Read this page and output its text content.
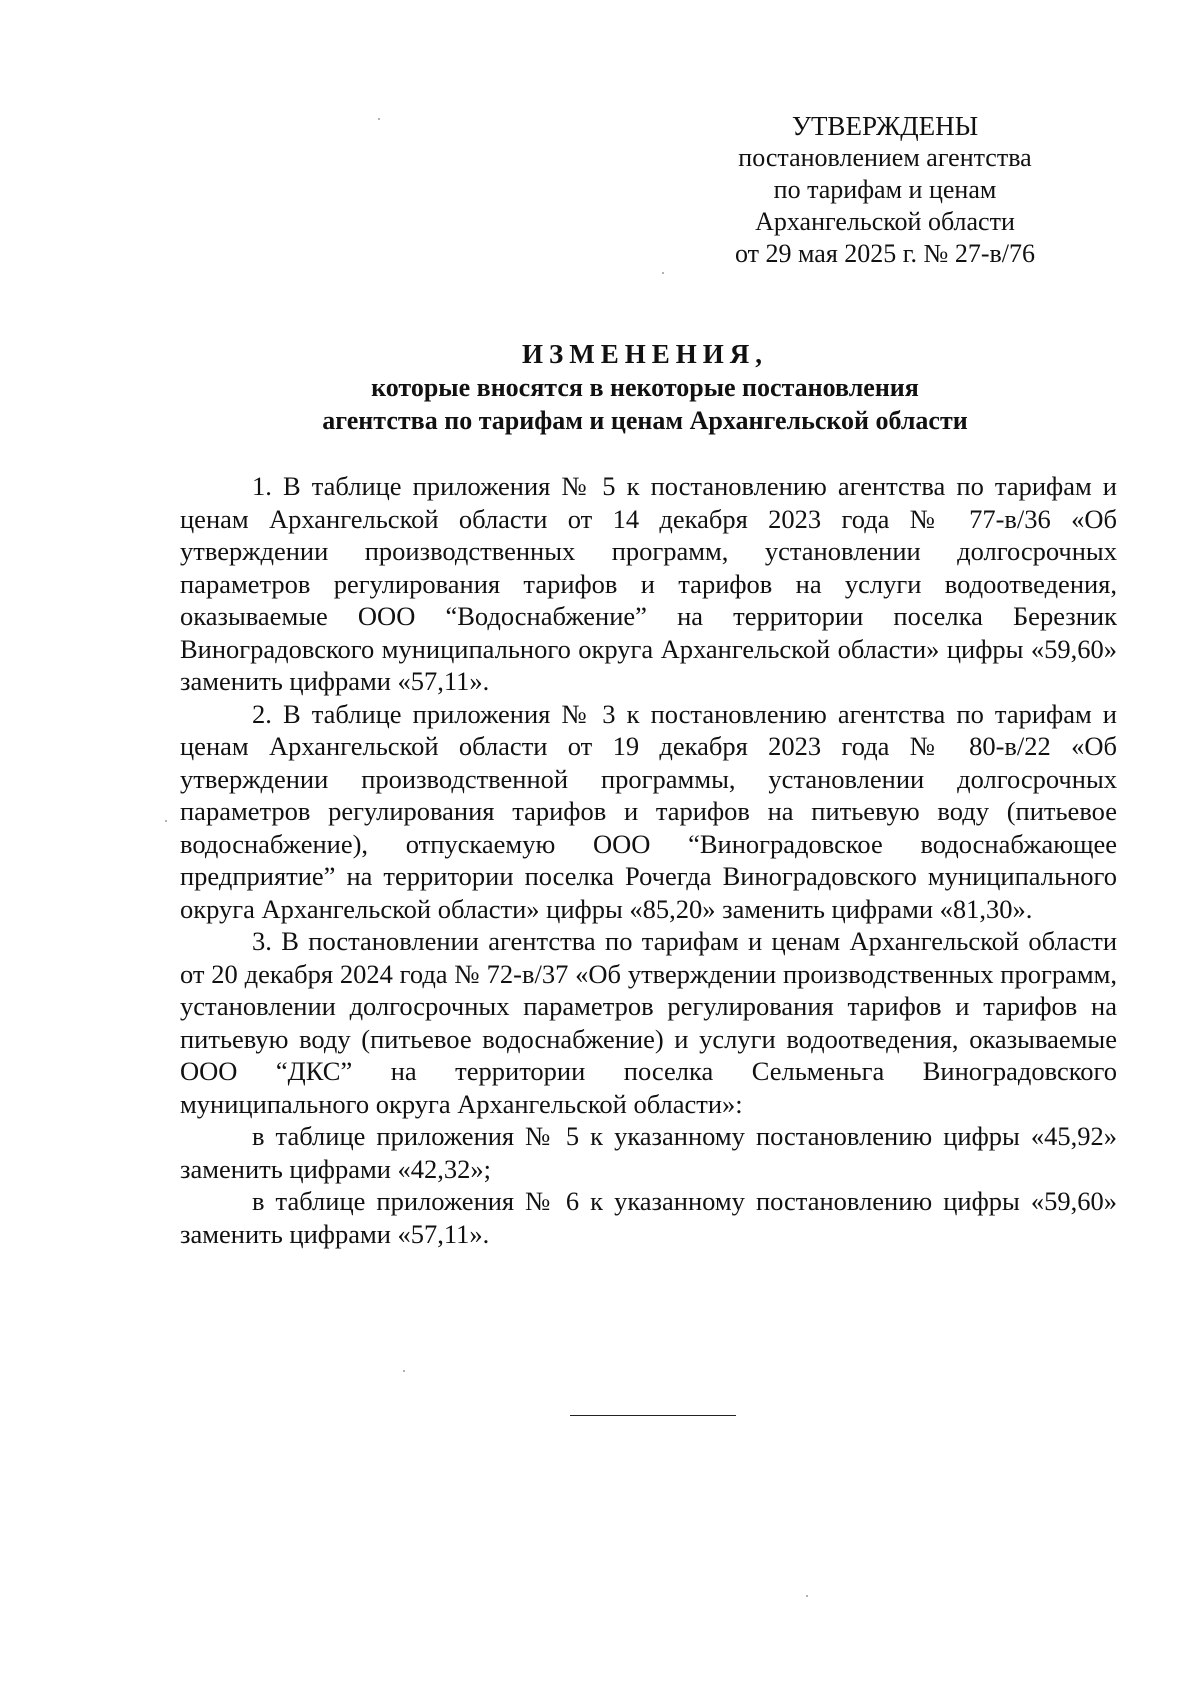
УТВЕРЖДЕНЫ
постановлением агентства
по тарифам и ценам
Архангельской области
от 29 мая 2025 г. № 27-в/76
ИЗМЕНЕНИЯ,
которые вносятся в некоторые постановления
агентства по тарифам и ценам Архангельской области

1. В таблице приложения № 5 к постановлению агентства по тарифам и ценам Архангельской области от 14 декабря 2023 года № 77-в/36 «Об утверждении производственных программ, установлении долгосрочных параметров регулирования тарифов и тарифов на услуги водоотведения, оказываемые ООО “Водоснабжение” на территории поселка Березник Виноградовского муниципального округа Архангельской области» цифры «59,60» заменить цифрами «57,11».

2. В таблице приложения № 3 к постановлению агентства по тарифам и ценам Архангельской области от 19 декабря 2023 года № 80-в/22 «Об утверждении производственной программы, установлении долгосрочных параметров регулирования тарифов и тарифов на питьевую воду (питьевое водоснабжение), отпускаемую ООО “Виноградовское водоснабжающее предприятие” на территории поселка Рочегда Виноградовского муниципального округа Архангельской области» цифры «85,20» заменить цифрами «81,30».

3. В постановлении агентства по тарифам и ценам Архангельской области от 20 декабря 2024 года № 72-в/37 «Об утверждении производственных программ, установлении долгосрочных параметров регулирования тарифов и тарифов на питьевую воду (питьевое водоснабжение) и услуги водоотведения, оказываемые ООО “ДКС” на территории поселка Сельменьга Виноградовского муниципального округа Архангельской области»:

в таблице приложения № 5 к указанному постановлению цифры «45,92» заменить цифрами «42,32»;

в таблице приложения № 6 к указанному постановлению цифры «59,60» заменить цифрами «57,11».
